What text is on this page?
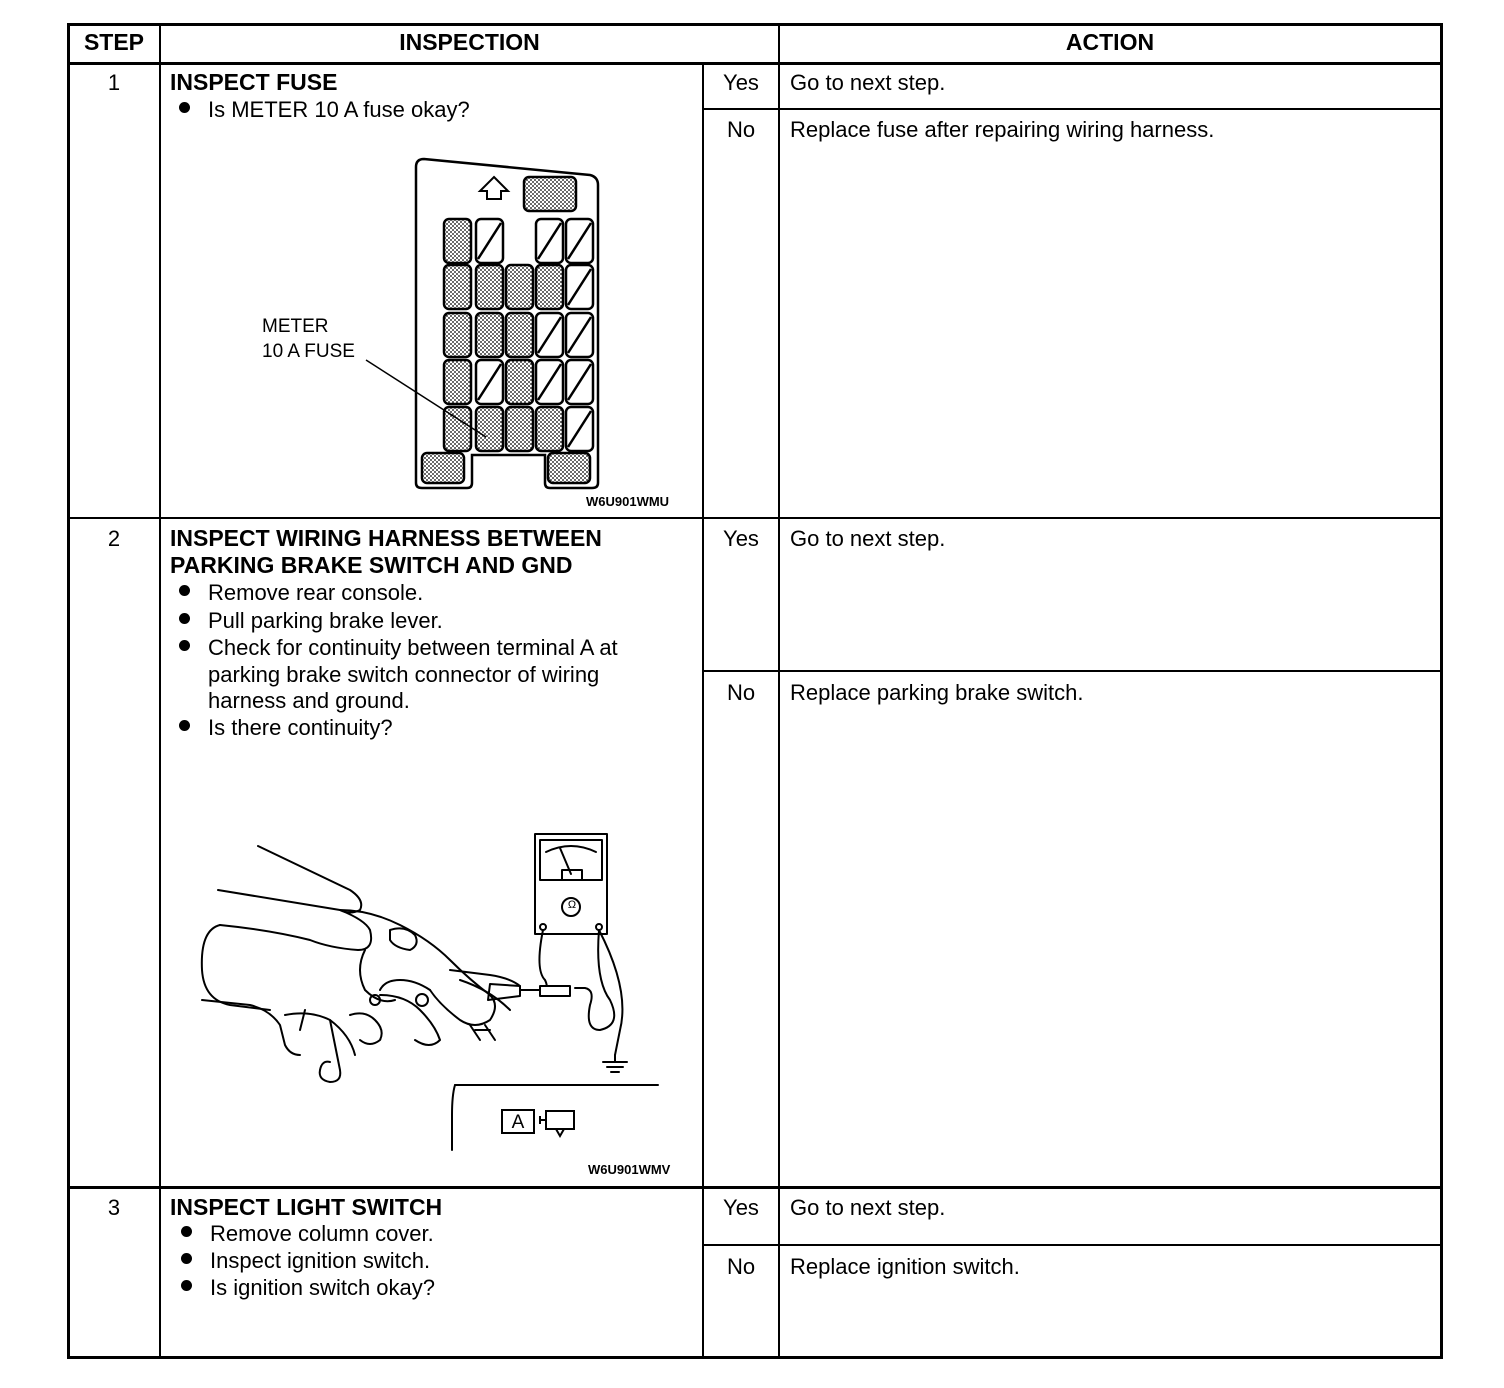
STEP	INSPECTION	ACTION
1	INSPECT FUSE
Is METER 10 A fuse okay?
METER
10 A FUSE
W6U901WMU
Yes	Go to next step.
No	Replace fuse after repairing wiring harness.
2	INSPECT WIRING HARNESS BETWEEN
PARKING BRAKE SWITCH AND GND
Remove rear console.
Pull parking brake lever.
Check for continuity between terminal A at
parking brake switch connector of wiring
harness and ground.
Is there continuity?
A
Ω
W6U901WMV
Yes	Go to next step.
No	Replace parking brake switch.
3	INSPECT LIGHT SWITCH
Remove column cover.
Inspect ignition switch.
Is ignition switch okay?
Yes	Go to next step.
No	Replace ignition switch.
